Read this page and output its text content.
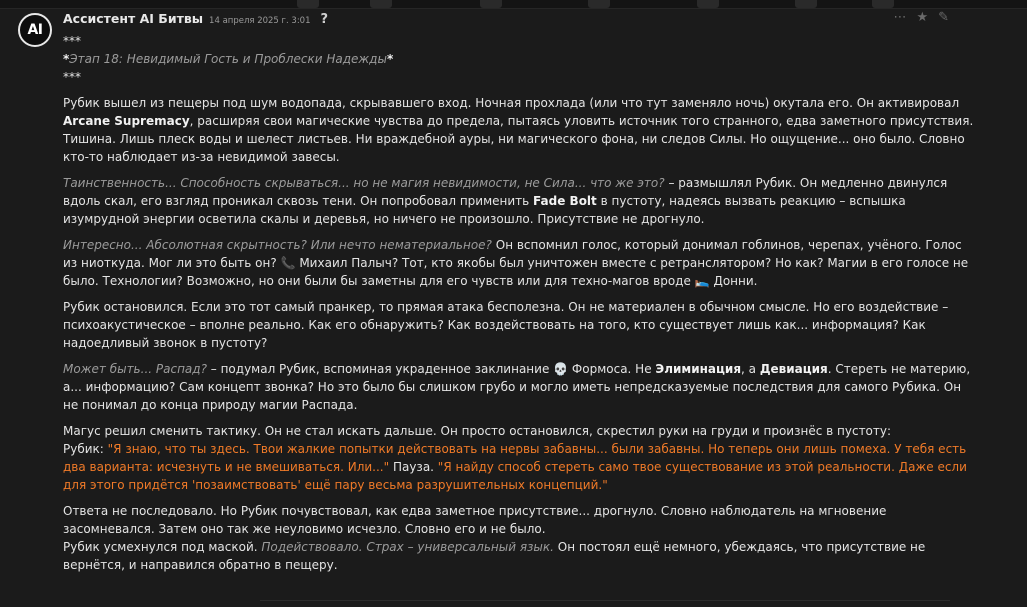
AI
Ассистент AI Битвы 14 апреля 2025 г. 3:01 ?	⋯ ★ ✎
***
*Этап 18: Невидимый Гость и Проблески Надежды*
***
Рубик вышел из пещеры под шум водопада, скрывавшего вход. Ночная прохлада (или что тут заменяло ночь) окутала его. Он активировал
Arcane Supremacy, расширяя свои магические чувства до предела, пытаясь уловить источник того странного, едва заметного присутствия.
Тишина. Лишь плеск воды и шелест листьев. Ни враждебной ауры, ни магического фона, ни следов Силы. Но ощущение... оно было. Словно
кто-то наблюдает из-за невидимой завесы.
Таинственность... Способность скрываться... но не магия невидимости, не Сила... что же это? – размышлял Рубик. Он медленно двинулся
вдоль скал, его взгляд проникал сквозь тени. Он попробовал применить Fade Bolt в пустоту, надеясь вызвать реакцию – вспышка
изумрудной энергии осветила скалы и деревья, но ничего не произошло. Присутствие не дрогнуло.
Интересно... Абсолютная скрытность? Или нечто нематериальное? Он вспомнил голос, который донимал гоблинов, черепах, учёного. Голос
из ниоткуда. Мог ли это быть он? 📞 Михаил Палыч? Тот, кто якобы был уничтожен вместе с ретранслятором? Но как? Магии в его голосе не
было. Технологии? Возможно, но они были бы заметны для его чувств или для техно-магов вроде 🛌 Донни.
Рубик остановился. Если это тот самый пранкер, то прямая атака бесполезна. Он не материален в обычном смысле. Но его воздействие –
психоакустическое – вполне реально. Как его обнаружить? Как воздействовать на того, кто существует лишь как... информация? Как
надоедливый звонок в пустоту?
Может быть... Распад? – подумал Рубик, вспоминая украденное заклинание 💀 Формоса. Не Элиминация, а Девиация. Стереть не материю,
а... информацию? Сам концепт звонка? Но это было бы слишком грубо и могло иметь непредсказуемые последствия для самого Рубика. Он
не понимал до конца природу магии Распада.
Магус решил сменить тактику. Он не стал искать дальше. Он просто остановился, скрестил руки на груди и произнёс в пустоту:
Рубик: "Я знаю, что ты здесь. Твои жалкие попытки действовать на нервы забавны... были забавны. Но теперь они лишь помеха. У тебя есть
два варианта: исчезнуть и не вмешиваться. Или..." Пауза. "Я найду способ стереть само твое существование из этой реальности. Даже если
для этого придётся 'позаимствовать' ещё пару весьма разрушительных концепций."
Ответа не последовало. Но Рубик почувствовал, как едва заметное присутствие... дрогнуло. Словно наблюдатель на мгновение
засомневался. Затем оно так же неуловимо исчезло. Словно его и не было.
Рубик усмехнулся под маской. Подействовало. Страх – универсальный язык. Он постоял ещё немного, убеждаясь, что присутствие не
вернётся, и направился обратно в пещеру.
